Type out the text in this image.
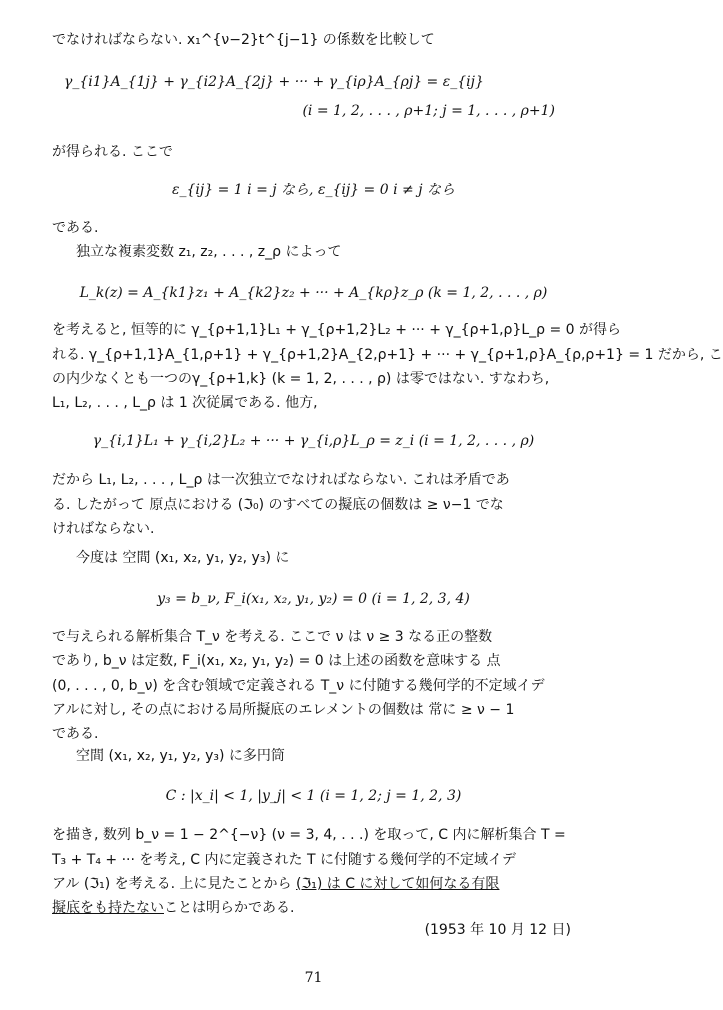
でなければならない. x₁^{ν−2}t^{j−1} の係数を比較して
γ_{i1}A_{1j} + γ_{i2}A_{2j} + ··· + γ_{iρ}A_{ρj} = ε_{ij}
(i = 1, 2, . . . , ρ+1; j = 1, . . . , ρ+1)
が得られる. ここで
ε_{ij} = 1 i = j なら, ε_{ij} = 0 i ≠ j なら
である.
独立な複素変数 z₁, z₂, . . . , z_ρ によって
L_k(z) = A_{k1}z₁ + A_{k2}z₂ + ··· + A_{kρ}z_ρ (k = 1, 2, . . . , ρ)
を考えると, 恒等的に γ_{ρ+1,1}L₁ + γ_{ρ+1,2}L₂ + ··· + γ_{ρ+1,ρ}L_ρ = 0 が得ら
れる. γ_{ρ+1,1}A_{1,ρ+1} + γ_{ρ+1,2}A_{2,ρ+1} + ··· + γ_{ρ+1,ρ}A_{ρ,ρ+1} = 1 だから, こ
の内少なくとも一つのγ_{ρ+1,k} (k = 1, 2, . . . , ρ) は零ではない. すなわち,
L₁, L₂, . . . , L_ρ は 1 次従属である. 他方,
γ_{i,1}L₁ + γ_{i,2}L₂ + ··· + γ_{i,ρ}L_ρ = z_i (i = 1, 2, . . . , ρ)
だから L₁, L₂, . . . , L_ρ は一次独立でなければならない. これは矛盾であ
る. したがって 原点における (ℑ₀) のすべての擬底の個数は ≥ ν−1 でな
ければならない.
今度は 空間 (x₁, x₂, y₁, y₂, y₃) に
y₃ = b_ν, F_i(x₁, x₂, y₁, y₂) = 0 (i = 1, 2, 3, 4)
で与えられる解析集合 T_ν を考える. ここで ν は ν ≥ 3 なる正の整数
であり, b_ν は定数, F_i(x₁, x₂, y₁, y₂) = 0 は上述の函数を意味する 点
(0, . . . , 0, b_ν) を含む領域で定義される T_ν に付随する幾何学的不定域イデ
アルに対し, その点における局所擬底のエレメントの個数は 常に ≥ ν − 1
である.
空間 (x₁, x₂, y₁, y₂, y₃) に多円筒
C : |x_i| < 1, |y_j| < 1 (i = 1, 2; j = 1, 2, 3)
を描き, 数列 b_ν = 1 − 2^{−ν} (ν = 3, 4, . . .) を取って, C 内に解析集合 T =
T₃ + T₄ + ··· を考え, C 内に定義された T に付随する幾何学的不定域イデ
アル (ℑ₁) を考える. 上に見たことから (ℑ₁) は C に対して如何なる有限
擬底をも持たないことは明らかである.
(1953 年 10 月 12 日)
71
